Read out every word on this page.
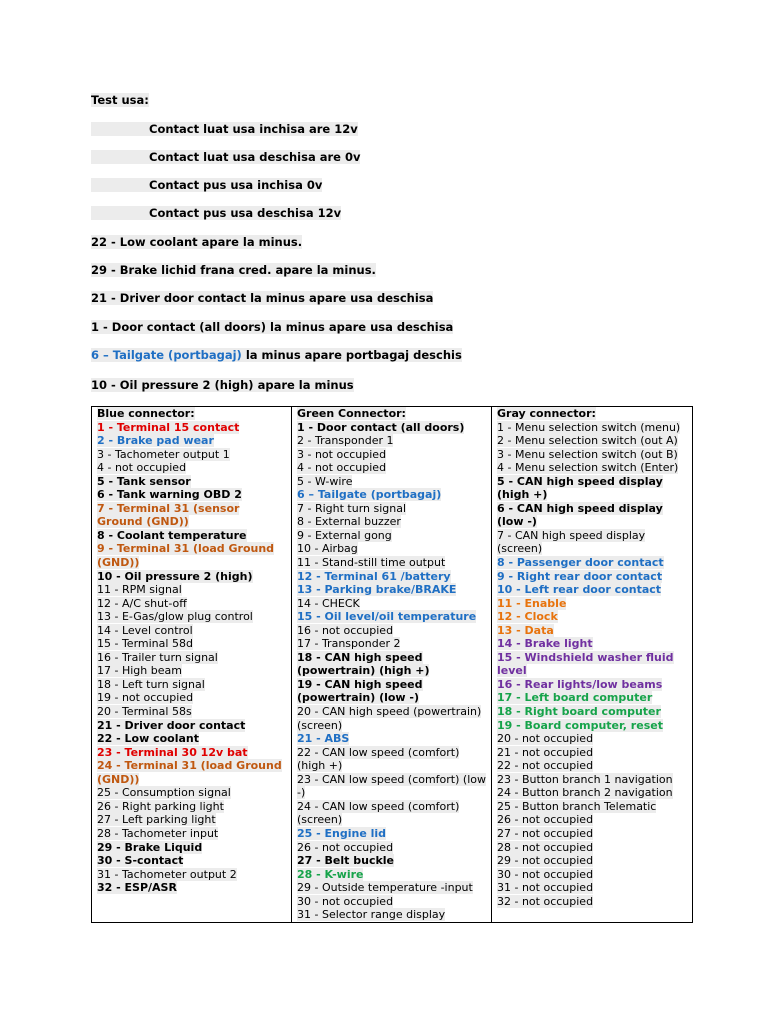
Test usa:
Contact luat usa inchisa are 12v
Contact luat usa deschisa are 0v
Contact pus usa inchisa 0v
Contact pus usa deschisa 12v
22 - Low coolant apare la minus.
29 - Brake lichid frana cred. apare la minus.
21 - Driver door contact la minus apare usa deschisa
1 - Door contact (all doors) la minus apare usa deschisa
6 – Tailgate (portbagaj) la minus apare portbagaj deschis
10 - Oil pressure 2 (high) apare la minus
Blue connector:
1 - Terminal 15 contact
2 - Brake pad wear
3 - Tachometer output 1
4 - not occupied
5 - Tank sensor
6 - Tank warning OBD 2
7 - Terminal 31 (sensor Ground (GND))
8 - Coolant temperature
9 - Terminal 31 (load Ground (GND))
10 - Oil pressure 2 (high)
11 - RPM signal
12 - A/C shut-off
13 - E-Gas/glow plug control
14 - Level control
15 - Terminal 58d
16 - Trailer turn signal
17 - High beam
18 - Left turn signal
19 - not occupied
20 - Terminal 58s
21 - Driver door contact
22 - Low coolant
23 - Terminal 30 12v bat
24 - Terminal 31 (load Ground (GND))
25 - Consumption signal
26 - Right parking light
27 - Left parking light
28 - Tachometer input
29 - Brake Liquid
30 - S-contact
31 - Tachometer output 2
32 - ESP/ASR

Green Connector:
1 - Door contact (all doors)
2 - Transponder 1
3 - not occupied
4 - not occupied
5 - W-wire
6 – Tailgate (portbagaj)
7 - Right turn signal
8 - External buzzer
9 - External gong
10 - Airbag
11 - Stand-still time output
12 - Terminal 61 /battery
13 - Parking brake/BRAKE
14 - CHECK
15 - Oil level/oil temperature
16 - not occupied
17 - Transponder 2
18 - CAN high speed (powertrain) (high +)
19 - CAN high speed (powertrain) (low -)
20 - CAN high speed (powertrain) (screen)
21 - ABS
22 - CAN low speed (comfort) (high +)
23 - CAN low speed (comfort) (low -)
24 - CAN low speed (comfort) (screen)
25 - Engine lid
26 - not occupied
27 - Belt buckle
28 - K-wire
29 - Outside temperature -input
30 - not occupied
31 - Selector range display

Gray connector:
1 - Menu selection switch (menu)
2 - Menu selection switch (out A)
3 - Menu selection switch (out B)
4 - Menu selection switch (Enter)
5 - CAN high speed display (high +)
6 - CAN high speed display (low -)
7 - CAN high speed display (screen)
8 - Passenger door contact
9 - Right rear door contact
10 - Left rear door contact
11 - Enable
12 - Clock
13 - Data
14 - Brake light
15 - Windshield washer fluid level
16 - Rear lights/low beams
17 - Left board computer
18 - Right board computer
19 - Board computer, reset
20 - not occupied
21 - not occupied
22 - not occupied
23 - Button branch 1 navigation
24 - Button branch 2 navigation
25 - Button branch Telematic
26 - not occupied
27 - not occupied
28 - not occupied
29 - not occupied
30 - not occupied
31 - not occupied
32 - not occupied
